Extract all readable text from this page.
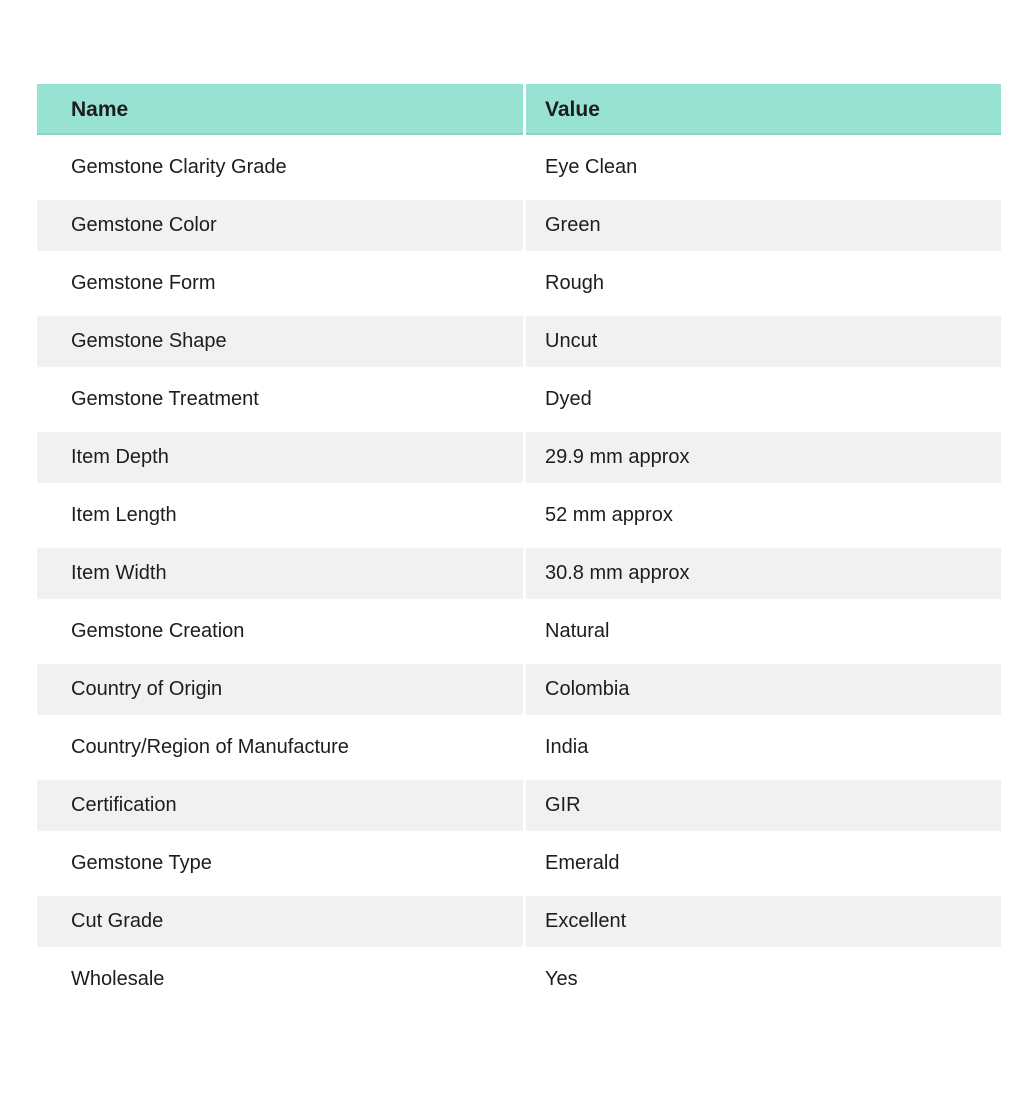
Name	Value
Gemstone Clarity Grade	Eye Clean
Gemstone Color	Green
Gemstone Form	Rough
Gemstone Shape	Uncut
Gemstone Treatment	Dyed
Item Depth	29.9 mm approx
Item Length	52 mm approx
Item Width	30.8 mm approx
Gemstone Creation	Natural
Country of Origin	Colombia
Country/Region of Manufacture	India
Certification	GIR
Gemstone Type	Emerald
Cut Grade	Excellent
Wholesale	Yes
